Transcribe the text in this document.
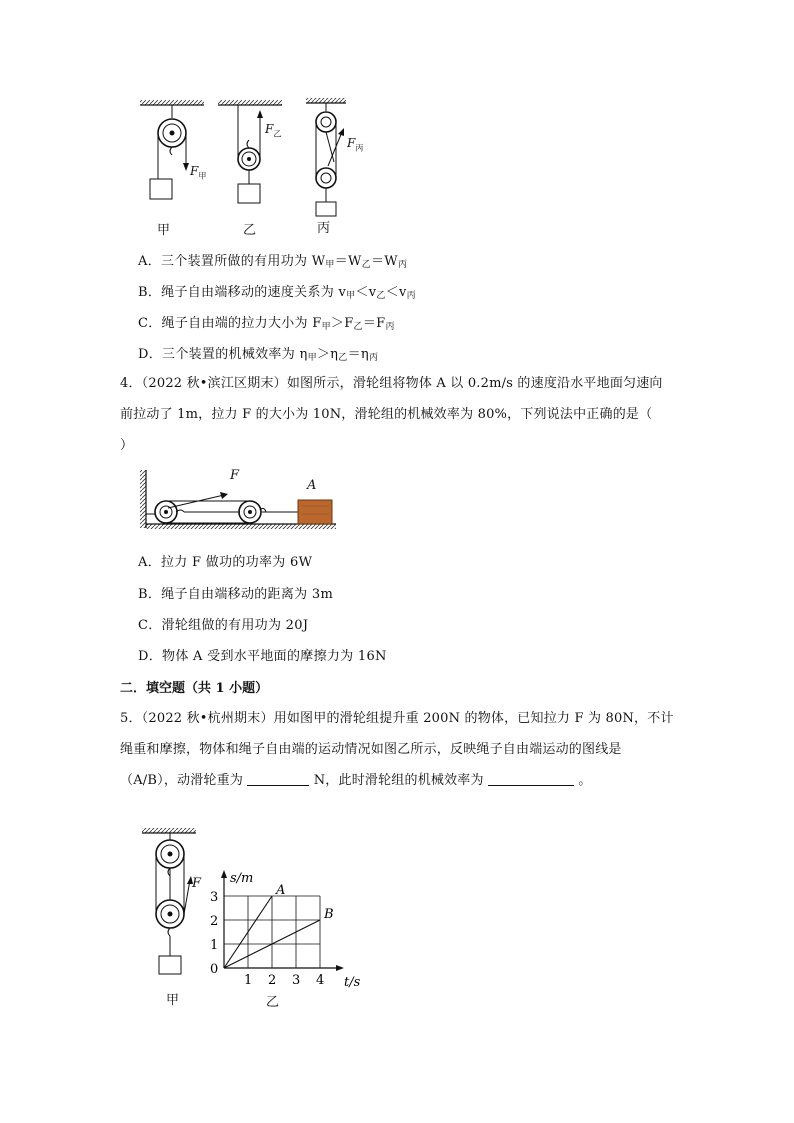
$F_甲$
$F_乙$
$F_丙$
甲	乙	丙
A．三个装置所做的有用功为 $W_甲=W_乙=W_丙$
B．绳子自由端移动的速度关系为 $v_甲<v_乙<v_丙$
C．绳子自由端的拉力大小为 $F_甲>F_乙=F_丙$
D．三个装置的机械效率为 $\eta_甲>\eta_乙=\eta_丙$
4．（2022 秋•滨江区期末）如图所示，滑轮组将物体 A 以 0.2m/s 的速度沿水平地面匀速向
前拉动了 1m，拉力 F 的大小为 10N，滑轮组的机械效率为 80%，下列说法中正确的是（
）
F
A
A．拉力 F 做功的功率为 6W
B．绳子自由端移动的距离为 3m
C．滑轮组做的有用功为 20J
D．物体 A 受到水平地面的摩擦力为 16N
二．填空题（共 1 小题）
5．（2022 秋•杭州期末）用如图甲的滑轮组提升重 200N 的物体，已知拉力 F 为 80N，不计
绳重和摩擦，物体和绳子自由端的运动情况如图乙所示，反映绳子自由端运动的图线是
（A/B），动滑轮重为	N，此时滑轮组的机械效率为	。
F
甲	乙
t/s
s/m
A
B
1 2 3 4
0
1
2
3
